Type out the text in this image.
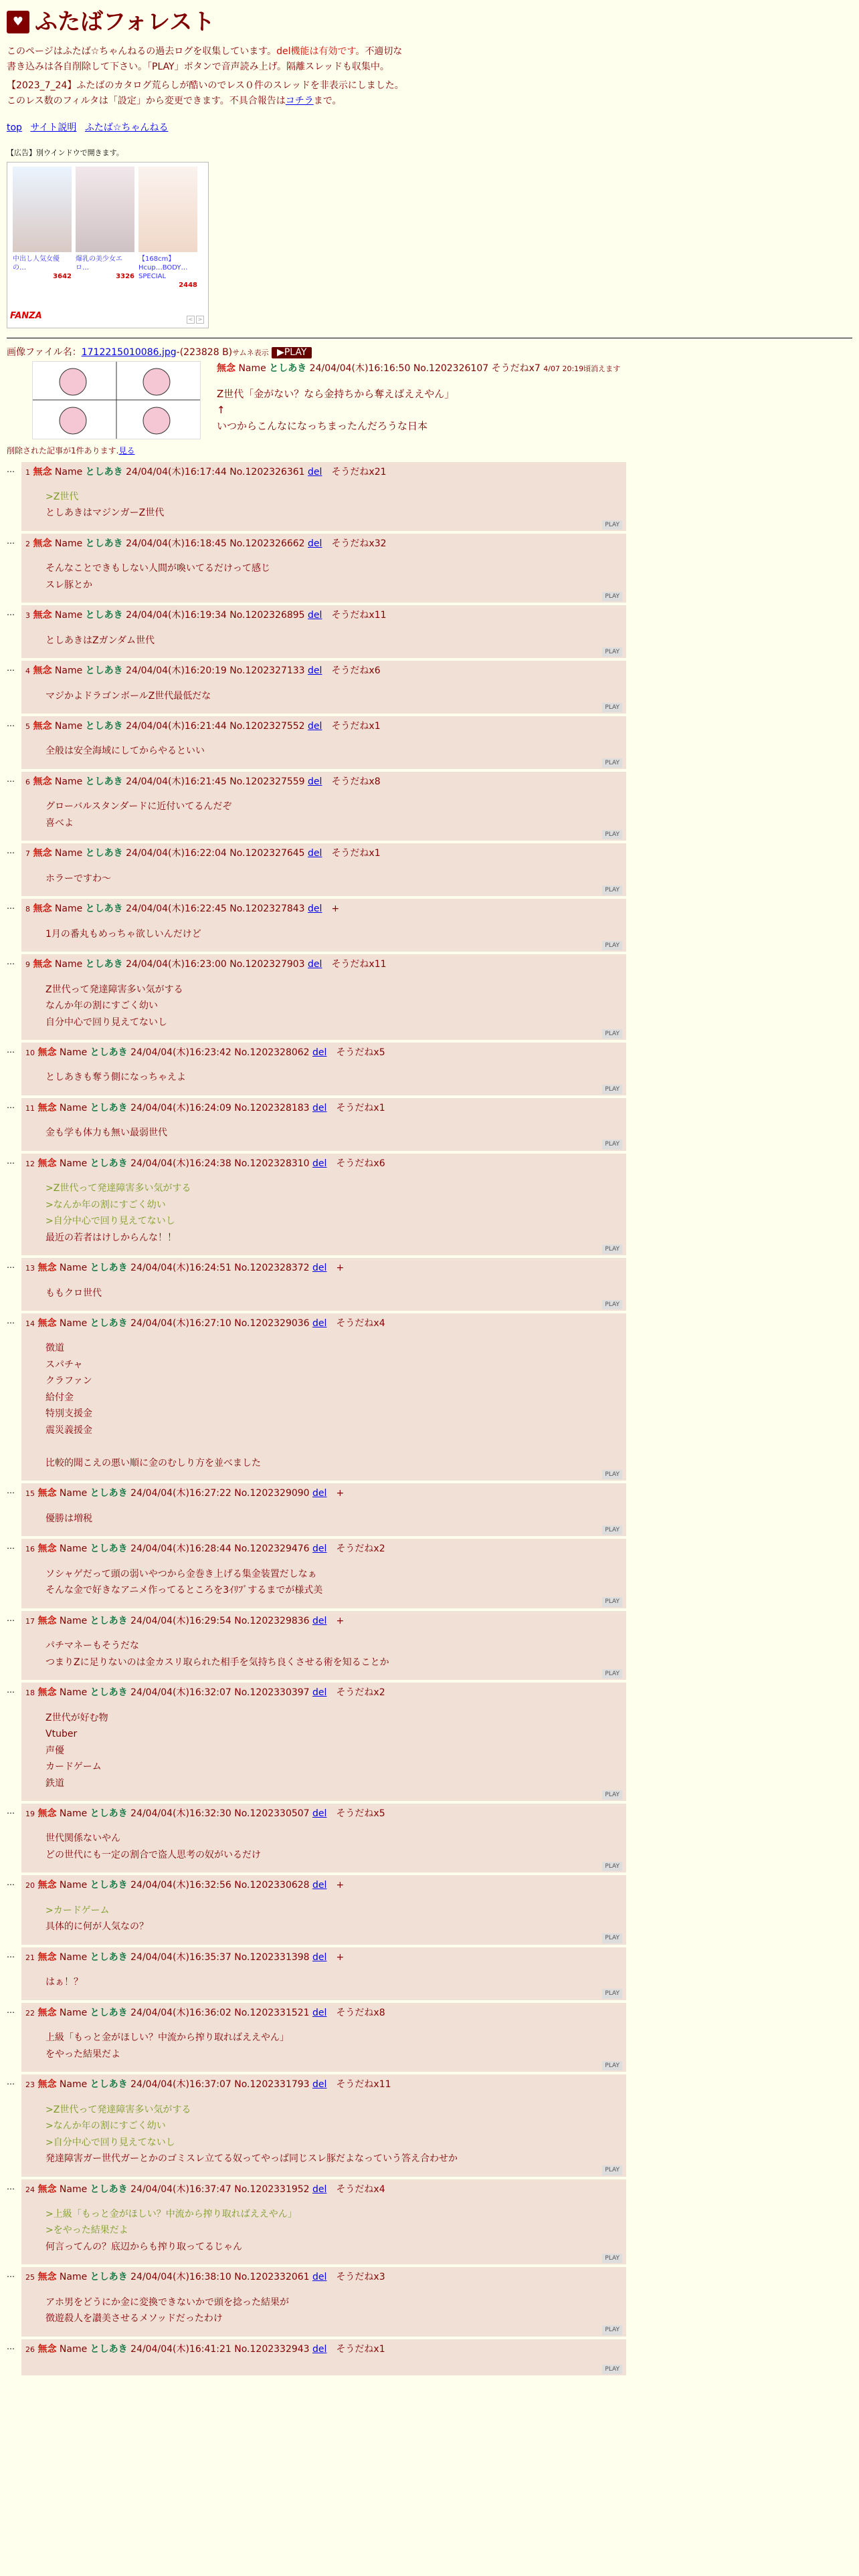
♥ ふたばフォレスト
このページはふたば☆ちゃんねるの過去ログを収集しています。del機能は有効です。不適切な書き込みは各自削除して下さい。「PLAY」ボタンで音声読み上げ。隔離スレッドも収集中。
【2023_7_24】ふたばのカタログ荒らしが酷いのでレス０件のスレッドを非表示にしました。このレス数のフィルタは「設定」から変更できます。不具合報告はコチラまで。
top サイト説明 ふたば☆ちゃんねる
【広告】別ウインドウで開きます。
中出し人気女優の…
3642
爆乳の美少女エロ…
3326
【168cm】Hcup…BODY…SPECIAL
2448
FANZA	< >
画像ファイル名：1712215010086.jpg-(223828 B)サムネ表示 ▶PLAY
無念 Name としあき 24/04/04(木)16:16:50 No.1202326107 そうだねx7 4/07 20:19頃消えます
Z世代「金がない？なら金持ちから奪えばええやん」
↑
いつからこんなになっちまったんだろうな日本
削除された記事が1件あります.見る
…	1 無念 Name としあき 24/04/04(木)16:17:44 No.1202326361 del　 そうだねx21
>Z世代
としあきはマジンガーZ世代
PLAY
…	2 無念 Name としあき 24/04/04(木)16:18:45 No.1202326662 del　 そうだねx32
そんなことできもしない人間が喚いてるだけって感じ
スレ豚とか
PLAY
…	3 無念 Name としあき 24/04/04(木)16:19:34 No.1202326895 del　 そうだねx11
としあきはZガンダム世代
PLAY
…	4 無念 Name としあき 24/04/04(木)16:20:19 No.1202327133 del　 そうだねx6
マジかよドラゴンボールZ世代最低だな
PLAY
…	5 無念 Name としあき 24/04/04(木)16:21:44 No.1202327552 del　 そうだねx1
全般は安全海域にしてからやるといい
PLAY
…	6 無念 Name としあき 24/04/04(木)16:21:45 No.1202327559 del　 そうだねx8
グローバルスタンダードに近付いてるんだぞ
喜べよ
PLAY
…	7 無念 Name としあき 24/04/04(木)16:22:04 No.1202327645 del　 そうだねx1
ホラーですわ〜
PLAY
…	8 無念 Name としあき 24/04/04(木)16:22:45 No.1202327843 del　 +
1月の番丸もめっちゃ欲しいんだけど
PLAY
…	9 無念 Name としあき 24/04/04(木)16:23:00 No.1202327903 del　 そうだねx11
Z世代って発達障害多い気がする
なんか年の割にすごく幼い
自分中心で回り見えてないし
PLAY
…	10 無念 Name としあき 24/04/04(木)16:23:42 No.1202328062 del　 そうだねx5
としあきも奪う側になっちゃえよ
PLAY
…	11 無念 Name としあき 24/04/04(木)16:24:09 No.1202328183 del　 そうだねx1
金も学も体力も無い最弱世代
PLAY
…	12 無念 Name としあき 24/04/04(木)16:24:38 No.1202328310 del　 そうだねx6
>Z世代って発達障害多い気がする
>なんか年の割にすごく幼い
>自分中心で回り見えてないし
最近の若者はけしからんな！！
PLAY
…	13 無念 Name としあき 24/04/04(木)16:24:51 No.1202328372 del　 +
ももクロ世代
PLAY
…	14 無念 Name としあき 24/04/04(木)16:27:10 No.1202329036 del　 そうだねx4
徴道
スパチャ
クラファン
給付金
特別支援金
震災義援金

比較的聞こえの悪い順に金のむしり方を並べました
PLAY
…	15 無念 Name としあき 24/04/04(木)16:27:22 No.1202329090 del　 +
優勝は増税
PLAY
…	16 無念 Name としあき 24/04/04(木)16:28:44 No.1202329476 del　 そうだねx2
ソシャゲだって頭の弱いやつから金巻き上げる集金装置だしなぁ
そんな金で好きなアニメ作ってるところを3ｲﾘﾌﾞするまでが様式美
PLAY
…	17 無念 Name としあき 24/04/04(木)16:29:54 No.1202329836 del　 +
パチマネーもそうだな
つまりZに足りないのは金カスリ取られた相手を気持ち良くさせる術を知ることか
PLAY
…	18 無念 Name としあき 24/04/04(木)16:32:07 No.1202330397 del　 そうだねx2
Z世代が好む物
Vtuber
声優
カードゲーム
鉄道
PLAY
…	19 無念 Name としあき 24/04/04(木)16:32:30 No.1202330507 del　 そうだねx5
世代関係ないやん
どの世代にも一定の割合で盗人思考の奴がいるだけ
PLAY
…	20 無念 Name としあき 24/04/04(木)16:32:56 No.1202330628 del　 +
>カードゲーム
具体的に何が人気なの？
PLAY
…	21 無念 Name としあき 24/04/04(木)16:35:37 No.1202331398 del　 +
はぁ！？
PLAY
…	22 無念 Name としあき 24/04/04(木)16:36:02 No.1202331521 del　 そうだねx8
上級「もっと金がほしい？中流から搾り取ればええやん」
をやった結果だよ
PLAY
…	23 無念 Name としあき 24/04/04(木)16:37:07 No.1202331793 del　 そうだねx11
>Z世代って発達障害多い気がする
>なんか年の割にすごく幼い
>自分中心で回り見えてないし
発達障害ガー世代ガーとかのゴミスレ立てる奴ってやっぱ同じスレ豚だよなっていう答え合わせか
PLAY
…	24 無念 Name としあき 24/04/04(木)16:37:47 No.1202331952 del　 そうだねx4
>上級「もっと金がほしい？中流から搾り取ればええやん」
>をやった結果だよ
何言ってんの？底辺からも搾り取ってるじゃん
PLAY
…	25 無念 Name としあき 24/04/04(木)16:38:10 No.1202332061 del　 そうだねx3
アホ男をどうにか金に変換できないかで頭を捻った結果が
徴遊殺人を讃美させるメソッドだったわけ
PLAY
…	26 無念 Name としあき 24/04/04(木)16:41:21 No.1202332943 del　 そうだねx1
PLAY
